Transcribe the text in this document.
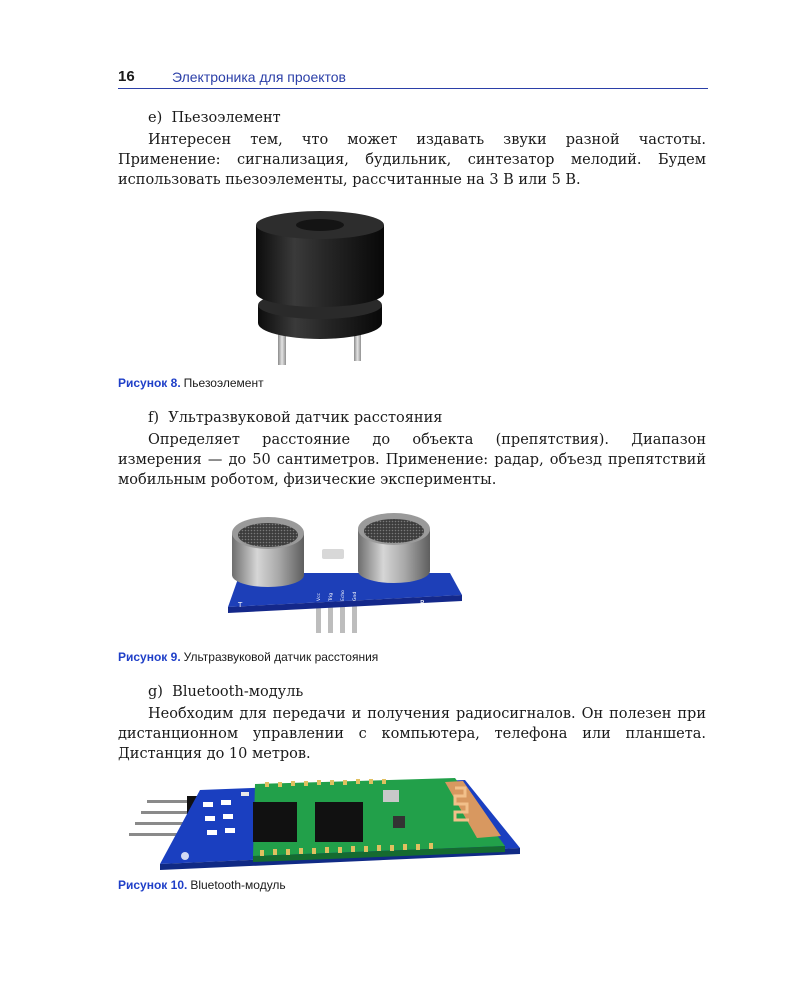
16	Электроника для проектов
e)  Пьезоэлемент
Интересен тем, что может издавать звуки разной частоты. Применение: сигнализация, будильник, синтезатор мелодий. Будем использовать пьезоэлементы, рассчитанные на 3 В или 5 В.
Рисунок 8. Пьезоэлемент
f)  Ультразвуковой датчик расстояния
Определяет расстояние до объекта (препятствия). Диапазон измерения — до 50 сантиметров. Применение: радар, объезд препятствий мобильным роботом, физические эксперименты.
HC-SR04
Vcc Trig Echo Gnd
T	R
Рисунок 9. Ультразвуковой датчик расстояния
g)  Bluetooth-модуль
Необходим для передачи и получения радиосигналов. Он полезен при дистанционном управлении с компьютера, телефона или планшета. Дистанция до 10 метров.
Рисунок 10. Bluetooth-модуль
